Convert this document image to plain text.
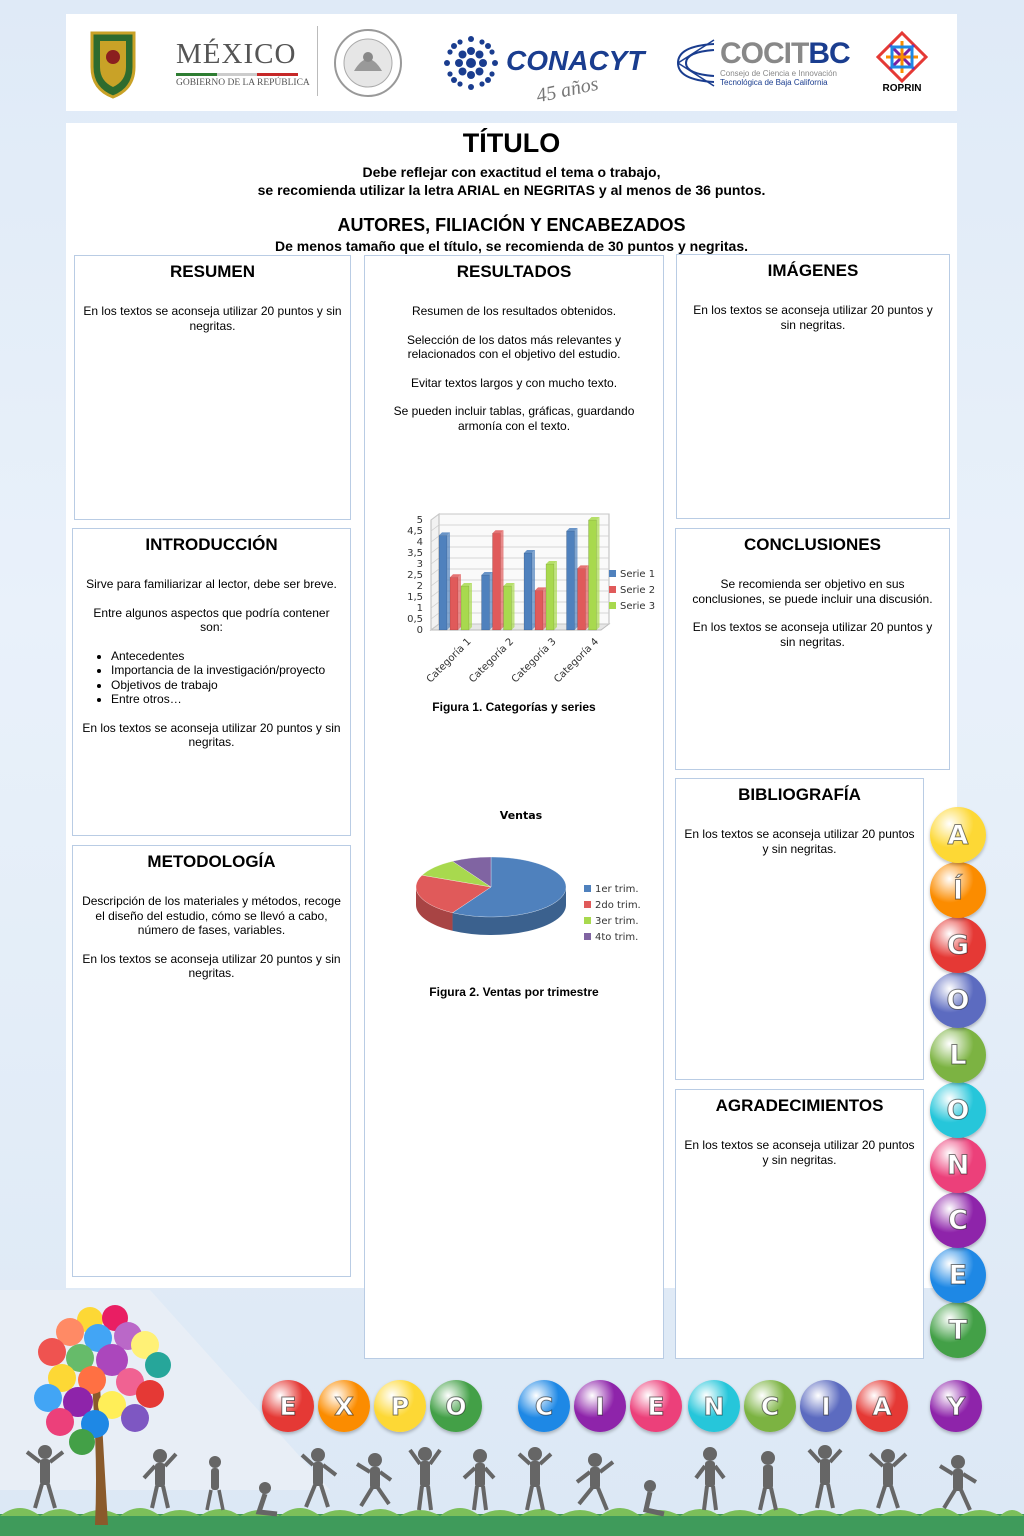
MÉXICO
GOBIERNO DE LA REPÚBLICA
CONACYT
45 años
COCITBC
Consejo de Ciencia e Innovación
Tecnológica de Baja California
ROPRIN
TÍTULO
Debe reflejar con exactitud el tema o trabajo,
se recomienda utilizar la letra ARIAL en NEGRITAS y al menos de 36 puntos.
AUTORES, FILIACIÓN Y ENCABEZADOS
De menos tamaño que el título, se recomienda de 30 puntos y negritas.
RESUMEN

En los textos se aconseja utilizar 20 puntos y sin negritas.

RESULTADOS

Resumen de los resultados obtenidos.

Selección de los datos más relevantes y relacionados con el objetivo del estudio.

Evitar textos largos y con mucho texto.

Se pueden incluir tablas, gráficas, guardando armonía con el texto.

IMÁGENES

En los textos se aconseja utilizar 20 puntos y sin negritas.

INTRODUCCIÓN

Sirve para familiarizar al lector, debe ser breve.

Entre algunos aspectos que podría contener son:

• Antecedentes
• Importancia de la investigación/proyecto
• Objetivos de trabajo
• Entre otros…

En los textos se aconseja utilizar 20 puntos y sin negritas.

CONCLUSIONES

Se recomienda ser objetivo en sus conclusiones, se puede incluir una discusión.

En los textos se aconseja utilizar 20 puntos y sin negritas.

METODOLOGÍA

Descripción de los materiales y métodos, recoge el diseño del estudio, cómo se llevó a cabo, número de fases, variables.

En los textos se aconseja utilizar 20 puntos y sin negritas.

BIBLIOGRAFÍA

En los textos se aconseja utilizar 20 puntos y sin negritas.

AGRADECIMIENTOS

En los textos se aconseja utilizar 20 puntos y sin negritas.

0
0,5
1
1,5
2
2,5
3
3,5
4
4,5
5
Categoría 1
Categoría 2
Categoría 3
Categoría 4
Serie 1
Serie 2
Serie 3
Figura 1. Categorías y series
Ventas
1er trim.
2do trim.
3er trim.
4to trim.
Figura 2. Ventas por trimestre
T
E
C
N
O
L
O
G
Í
A
E X P O	C I E N C I A Y
